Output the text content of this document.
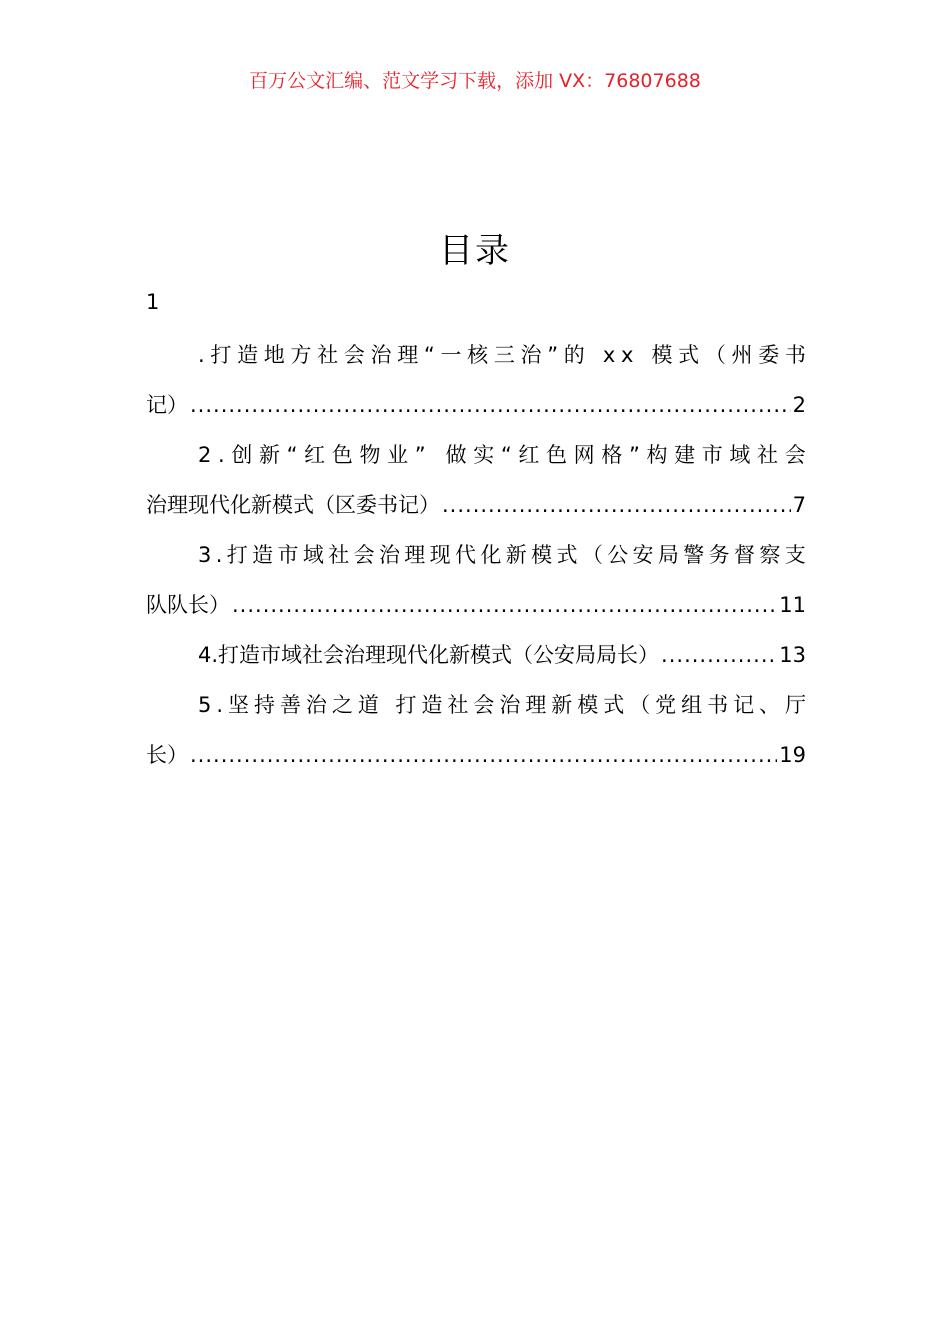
百万公文汇编、范文学习下载，添加 VX：76807688
目录
1
. 打 造 地 方 社 会 治 理 “ 一 核 三 治 ” 的
x x
模 式 （ 州 委 书
记） .....	2
2 . 创 新 “ 红 色 物 业 ”
做 实 “ 红 色 网 格 ” 构 建 市 域 社 会
治理现代化新模式（区委书记） .....	7
3 . 打 造 市 域 社 会 治 理 现 代 化 新 模 式 （ 公 安 局 警 务 督 察 支
队队长） .....	11
4.打造市域社会治理现代化新模式（公安局局长） .....	13
5 . 坚 持 善 治 之 道
打 造 社 会 治 理 新 模 式 （ 党 组 书 记 、 厅
长） .....	19
